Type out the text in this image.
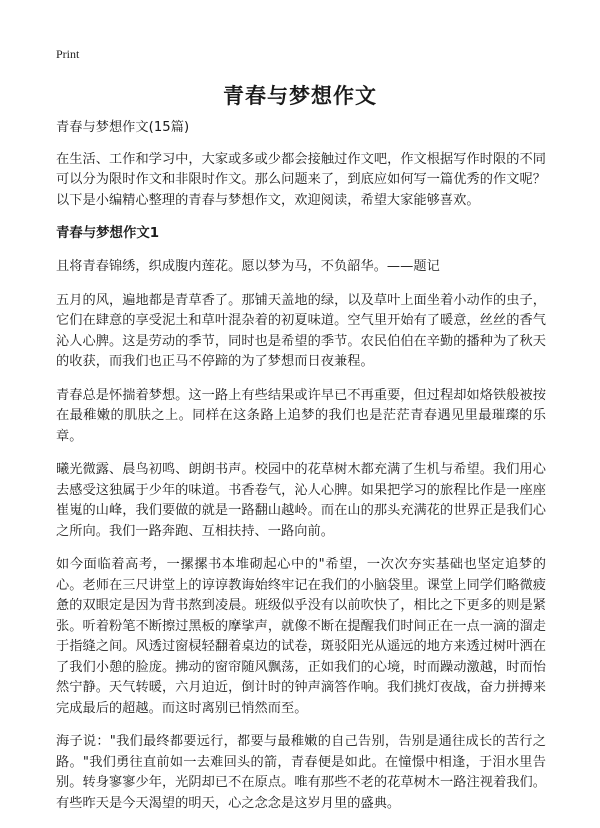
Print
青春与梦想作文

青春与梦想作文(15篇)

在生活、工作和学习中，大家或多或少都会接触过作文吧，作文根据写作时限的不同可以分为限时作文和非限时作文。那么问题来了，到底应如何写一篇优秀的作文呢？以下是小编精心整理的青春与梦想作文，欢迎阅读，希望大家能够喜欢。

青春与梦想作文1

且将青春锦绣，织成腹内莲花。愿以梦为马，不负韶华。——题记

五月的风，遍地都是青草香了。那铺天盖地的绿，以及草叶上面坐着小动作的虫子，它们在肆意的享受泥土和草叶混杂着的初夏味道。空气里开始有了暖意，丝丝的香气沁人心脾。这是劳动的季节，同时也是希望的季节。农民伯伯在辛勤的播种为了秋天的收获，而我们也正马不停蹄的为了梦想而日夜兼程。

青春总是怀揣着梦想。这一路上有些结果或许早已不再重要，但过程却如烙铁般被按在最稚嫩的肌肤之上。同样在这条路上追梦的我们也是茫茫青春遇见里最璀璨的乐章。

曦光微露、晨鸟初鸣、朗朗书声。校园中的花草树木都充满了生机与希望。我们用心去感受这独属于少年的味道。书香卷气，沁人心脾。如果把学习的旅程比作是一座座崔嵬的山峰，我们要做的就是一路翻山越岭。而在山的那头充满花的世界正是我们心之所向。我们一路奔跑、互相扶持、一路向前。

如今面临着高考，一摞摞书本堆砌起心中的"希望，一次次夯实基础也坚定追梦的心。老师在三尺讲堂上的谆谆教诲始终牢记在我们的小脑袋里。课堂上同学们略微疲惫的双眼定是因为背书熬到凌晨。班级似乎没有以前吹快了，相比之下更多的则是紧张。听着粉笔不断擦过黑板的摩挲声，就像不断在提醒我们时间正在一点一滴的溜走于指缝之间。风透过窗棂轻翻着桌边的试卷，斑驳阳光从遥远的地方来透过树叶洒在了我们小憩的脸庞。拂动的窗帘随风飘荡，正如我们的心境，时而躁动激越，时而怡然宁静。天气转暖，六月迫近，倒计时的钟声滴答作响。我们挑灯夜战，奋力拼搏来完成最后的超越。而这时离别已悄然而至。

海子说："我们最终都要远行，都要与最稚嫩的自己告别，告别是通往成长的苦行之路。"我们勇往直前如一去难回头的箭，青春便是如此。在憧憬中相逢，于泪水里告别。转身寥寥少年，光阴却已不在原点。唯有那些不老的花草树木一路注视着我们。有些昨天是今天渴望的明天，心之念念是这岁月里的盛典。
